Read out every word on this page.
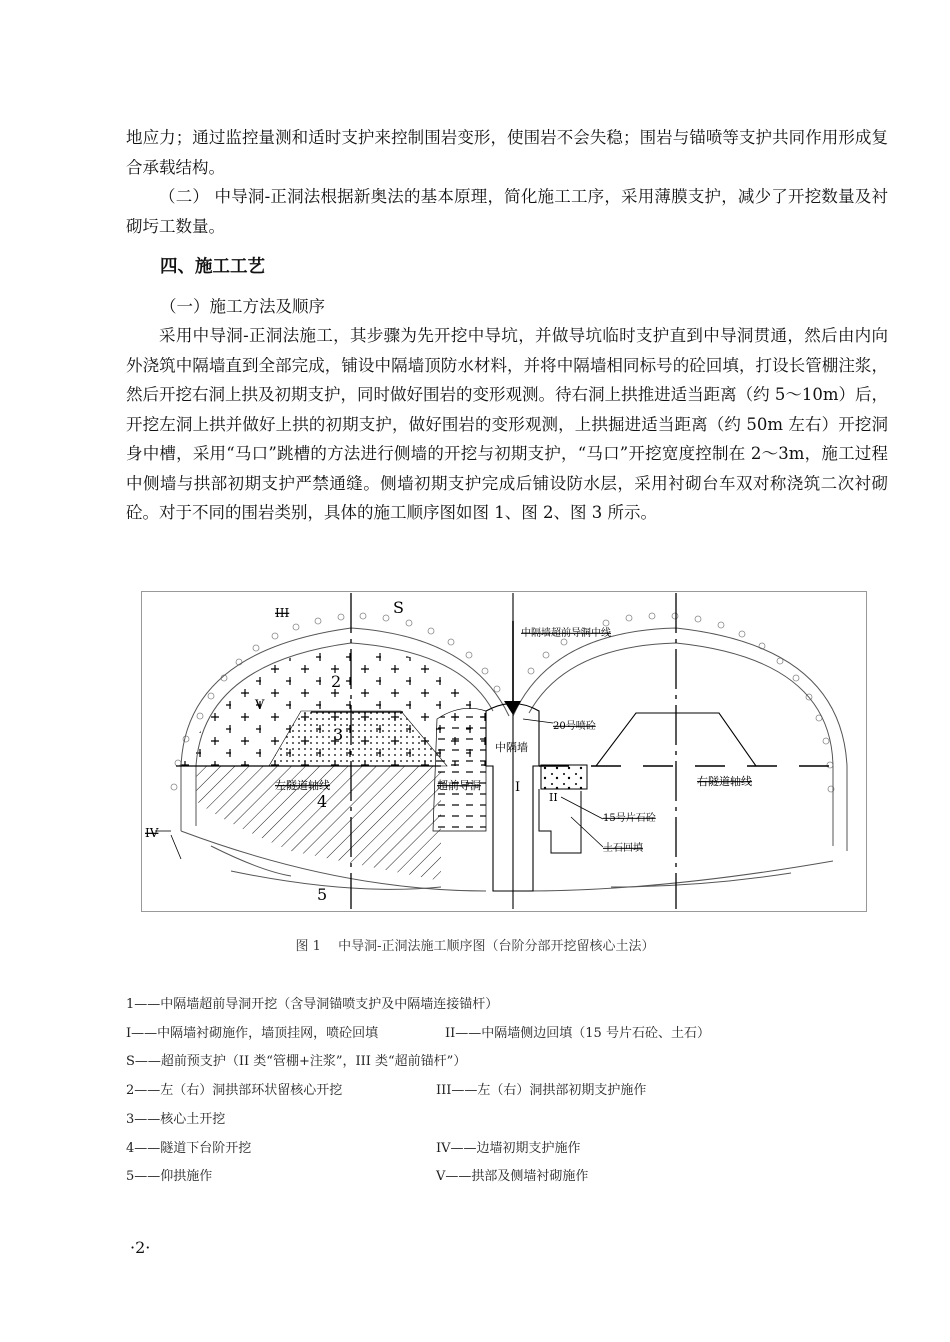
地应力；通过监控量测和适时支护来控制围岩变形，使围岩不会失稳；围岩与锚喷等支护共同作用形成复合承载结构。

（二） 中导洞-正洞法根据新奥法的基本原理，简化施工工序，采用薄膜支护，减少了开挖数量及衬砌圬工数量。

四、施工工艺

（一）施工方法及顺序

采用中导洞-正洞法施工，其步骤为先开挖中导坑，并做导坑临时支护直到中导洞贯通，然后由内向外浇筑中隔墙直到全部完成，铺设中隔墙顶防水材料，并将中隔墙相同标号的砼回填，打设长管棚注浆，然后开挖右洞上拱及初期支护，同时做好围岩的变形观测。待右洞上拱推进适当距离（约 5～10m）后，开挖左洞上拱并做好上拱的初期支护，做好围岩的变形观测，上拱掘进适当距离（约 50m 左右）开挖洞身中槽，采用“马口”跳槽的方法进行侧墙的开挖与初期支护，“马口”开挖宽度控制在 2～3m，施工过程中侧墙与拱部初期支护严禁通缝。侧墙初期支护完成后铺设防水层，采用衬砌台车双对称浇筑二次衬砌砼。对于不同的围岩类别，具体的施工顺序图如图 1、图 2、图 3 所示。

S
III
IV
V
2
3
4
5
I
II
中隔墙超前导洞中线
20号喷砼
中隔墙
左隧道轴线	超前导洞	右隧道轴线
15号片石砼
土石回填
图 1　 中导洞-正洞法施工顺序图（台阶分部开挖留核心土法）

1——中隔墙超前导洞开挖（含导洞锚喷支护及中隔墙连接锚杆）

I——中隔墙衬砌施作，墙顶挂网，喷砼回填	II——中隔墙侧边回填（15 号片石砼、土石）

S——超前预支护（II 类“管棚+注浆”，III 类“超前锚杆”）

2——左（右）洞拱部环状留核心开挖	III——左（右）洞拱部初期支护施作

3——核心土开挖

4——隧道下台阶开挖	IV——边墙初期支护施作

5——仰拱施作	V——拱部及侧墙衬砌施作

·2·
